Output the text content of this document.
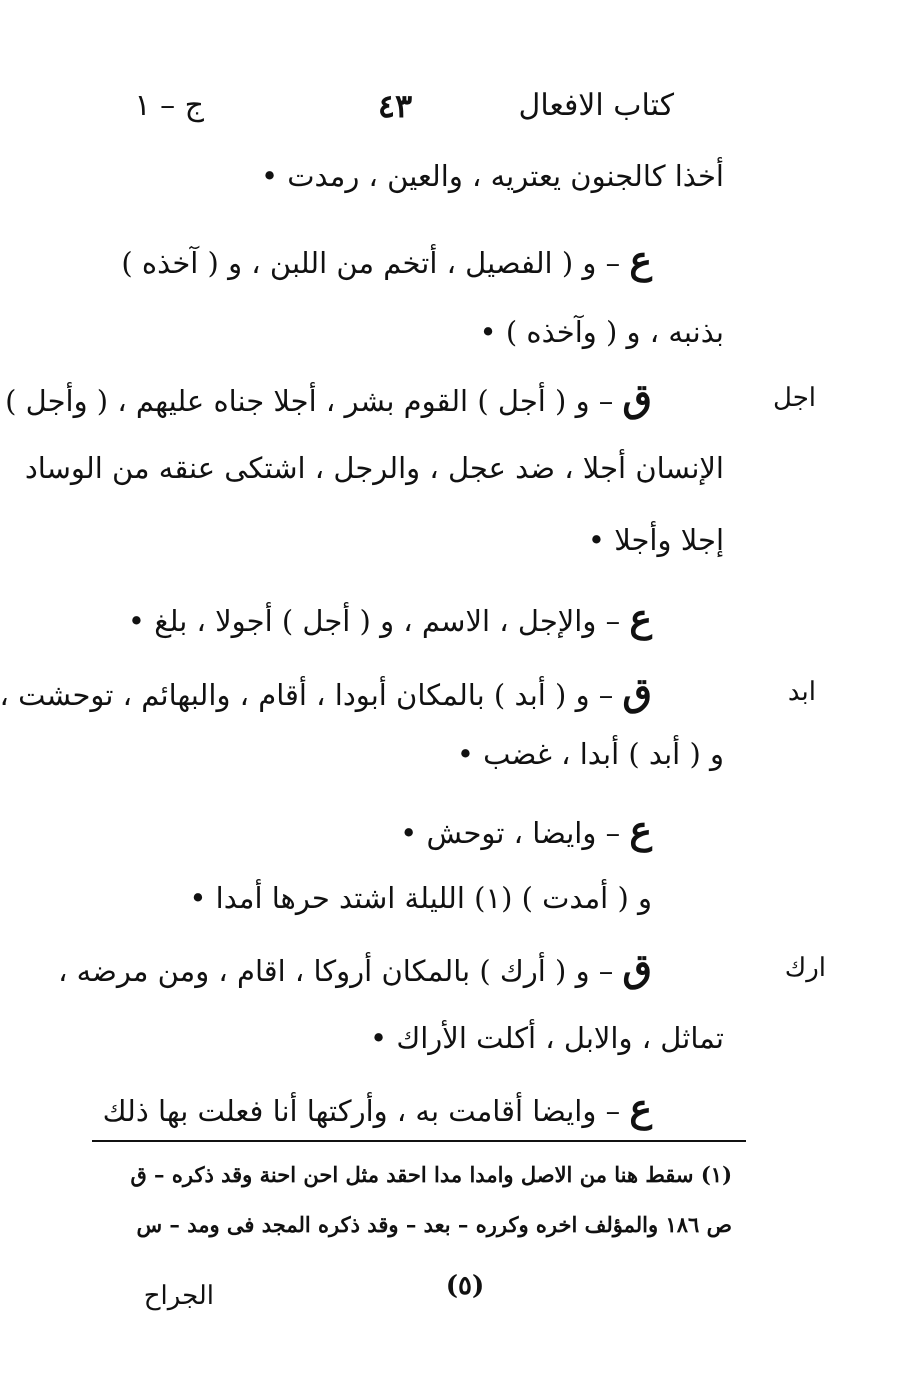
كتاب الافعال
٤٣
ج – ١
أخذا كالجنون يعتريه ، والعين ، رمدت •
ع – و ( الفصيل ، أتخم من اللبن ، و ( آخذه )
بذنبه ، و ( وآخذه ) •
اجل
ق – و ( أجل ) القوم بشر ، أجلا جناه عليهم ، ( وأجل )
الإنسان أجلا ، ضد عجل ، والرجل ، اشتكى عنقه من الوساد
إجلا وأجلا •
ع – والإجل ، الاسم ، و ( أجل ) أجولا ، بلغ •
ابد
ق – و ( أبد ) بالمكان أبودا ، أقام ، والبهائم ، توحشت ،
و ( أبد ) أبدا ، غضب •
ع – وايضا ، توحش •
و ( أمدت ) (١) الليلة اشتد حرها أمدا •
ارك
ق – و ( أرك ) بالمكان أروكا ، اقام ، ومن مرضه ،
تماثل ، والابل ، أكلت الأراك •
ع – وايضا أقامت به ، وأركتها أنا فعلت بها ذلك
(١) سقط هنا من الاصل وامدا مدا احقد مثل احن احنة وقد ذكره – ق
ص ١٨٦ والمؤلف اخره وكرره – بعد – وقد ذكره المجد فى ومد – س
(٥)
الجراح
